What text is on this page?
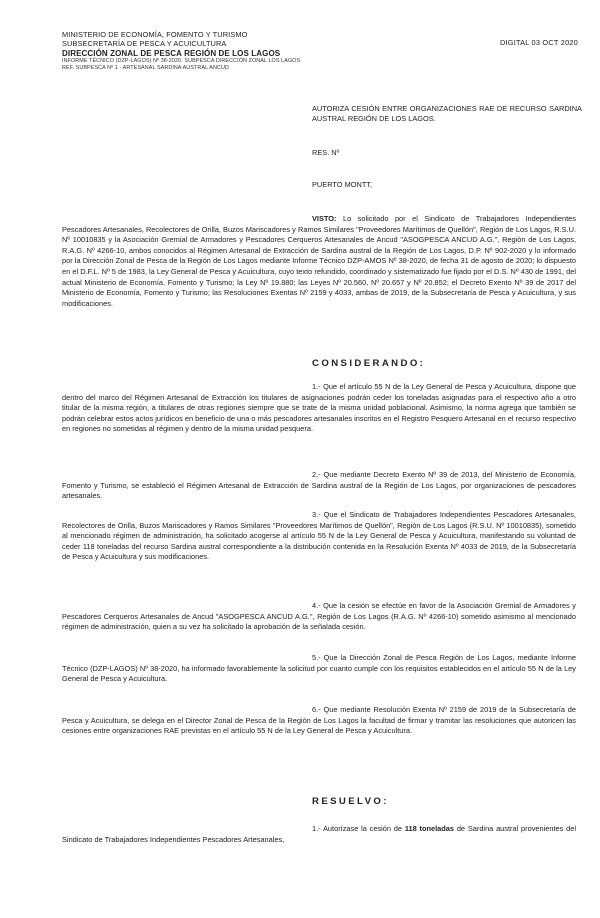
MINISTERIO DE ECONOMÍA, FOMENTO Y TURISMO
SUBSECRETARÍA DE PESCA Y ACUICULTURA
DIRECCIÓN ZONAL DE PESCA REGIÓN DE LOS LAGOS
INFORME TÉCNICO (DZP-LAGOS) Nº 38-2020. SUBPESCA DIRECCIÓN ZONAL LOS LAGOS
REF. SUBPESCA Nº 1 - ARTESANAL SARDINA AUSTRAL ANCUD
DIGITAL 03 OCT 2020
AUTORIZA CESIÓN ENTRE ORGANIZACIONES RAE DE RECURSO SARDINA AUSTRAL REGIÓN DE LOS LAGOS.
RES. Nº
PUERTO MONTT,
VISTO: Lo solicitado por el Sindicato de Trabajadores Independientes Pescadores Artesanales, Recolectores de Orilla, Buzos Mariscadores y Ramos Similares "Proveedores Marítimos de Quellón", Región de Los Lagos, R.S.U. Nº 10010835 y la Asociación Gremial de Armadores y Pescadores Cerqueros Artesanales de Ancud "ASOGPESCA ANCUD A.G.", Región de Los Lagos, R.A.G. Nº 4266-10, ambos conocidos al Régimen Artesanal de Extracción de Sardina austral de la Región de Los Lagos, D.P. Nº 902-2020 y lo informado por la Dirección Zonal de Pesca de la Región de Los Lagos mediante Informe Técnico DZP-AMOS Nº 38-2020, de fecha 31 de agosto de 2020; lo dispuesto en el D.F.L. Nº 5 de 1983, la Ley General de Pesca y Acuicultura, cuyo texto refundido, coordinado y sistematizado fue fijado por el D.S. Nº 430 de 1991, del actual Ministerio de Economía, Fomento y Turismo; la Ley Nº 19.880; las Leyes Nº 20.560, Nº 20.657 y Nº 20.852; el Decreto Exento Nº 39 de 2017 del Ministerio de Economía, Fomento y Turismo; las Resoluciones Exentas Nº 2159 y 4033, ambas de 2019, de la Subsecretaría de Pesca y Acuicultura, y sus modificaciones.
CONSIDERANDO:
1.- Que el artículo 55 N de la Ley General de Pesca y Acuicultura, dispone que dentro del marco del Régimen Artesanal de Extracción los titulares de asignaciones podrán ceder los toneladas asignadas para el respectivo año a otro titular de la misma región, a titulares de otras regiones siempre que se trate de la misma unidad poblacional. Asimismo, la norma agrega que también se podrán celebrar estos actos jurídicos en beneficio de una o más pescadores artesanales inscritos en el Registro Pesquero Artesanal en el recurso respectivo en regiones no sometidas al régimen y dentro de la misma unidad pesquera.
2.- Que mediante Decreto Exento Nº 39 de 2013, del Ministerio de Economía, Fomento y Turismo, se estableció el Régimen Artesanal de Extracción de Sardina austral de la Región de Los Lagos, por organizaciones de pescadores artesanales.
3.- Que el Sindicato de Trabajadores Independientes Pescadores Artesanales, Recolectores de Orilla, Buzos Mariscadores y Ramos Similares "Proveedores Marítimos de Quellón", Región de Los Lagos (R.S.U. Nº 10010835), sometido al mencionado régimen de administración, ha solicitado acogerse al artículo 55 N de la Ley General de Pesca y Acuicultura, manifestando su voluntad de ceder 118 toneladas del recurso Sardina austral correspondiente a la distribución contenida en la Resolución Exenta Nº 4033 de 2019, de la Subsecretaría de Pesca y Acuicultura y sus modificaciones.
4.- Que la cesión se efectúe en favor de la Asociación Gremial de Armadores y Pescadores Cerqueros Artesanales de Ancud "ASOGPESCA ANCUD A.G.", Región de Los Lagos (R.A.G. Nº 4266-10) sometido asimismo al mencionado régimen de administración, quien a su vez ha solicitado la aprobación de la señalada cesión.
5.- Que la Dirección Zonal de Pesca Región de Los Lagos, mediante Informe Técnico (DZP-LAGOS) Nº 38-2020, ha informado favorablemente la solicitud por cuanto cumple con los requisitos establecidos en el artículo 55 N de la Ley General de Pesca y Acuicultura.
6.- Que mediante Resolución Exenta Nº 2159 de 2019 de la Subsecretaría de Pesca y Acuicultura, se delega en el Director Zonal de Pesca de la Región de Los Lagos la facultad de firmar y tramitar las resoluciones que autoricen las cesiones entre organizaciones RAE previstas en el artículo 55 N de la Ley General de Pesca y Acuicultura.
RESUELVO:
1.- Autorízase la cesión de 118 toneladas de Sardina austral provenientes del Sindicato de Trabajadores Independientes Pescadores Artesanales,
